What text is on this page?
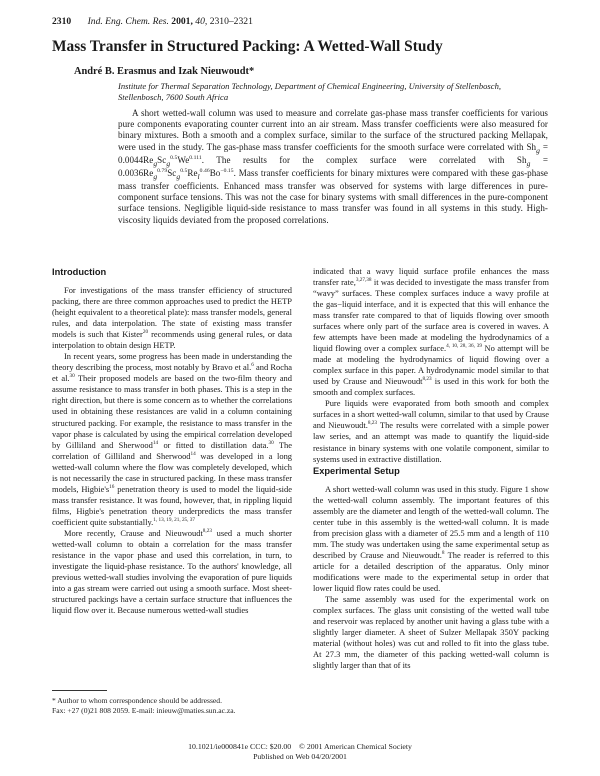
2310 Ind. Eng. Chem. Res. 2001, 40, 2310–2321
Mass Transfer in Structured Packing: A Wetted-Wall Study
André B. Erasmus and Izak Nieuwoudt*
Institute for Thermal Separation Technology, Department of Chemical Engineering, University of Stellenbosch, Stellenbosch, 7600 South Africa

A short wetted-wall column was used to measure and correlate gas-phase mass transfer coefficients for various pure components evaporating counter current into an air stream. Mass transfer coefficients were also measured for binary mixtures. Both a smooth and a complex surface, similar to the surface of the structured packing Mellapak, were used in the study. The gas-phase mass transfer coefficients for the smooth surface were correlated with $Sh_g = 0.0044Re_gSc_g^{0.5}We^{0.111}$. The results for the complex surface were correlated with $Sh_g = 0.0036Re_g^{0.79}Sc_g^{0.5}Re_l^{0.46}Bo^{-0.15}$. Mass transfer coefficients for binary mixtures were compared with these gas-phase mass transfer coefficients. Enhanced mass transfer was observed for systems with large differences in pure-component surface tensions. This was not the case for binary systems with small differences in the pure-component surface tensions. Negligible liquid-side resistance to mass transfer was found in all systems in this study. High-viscosity liquids deviated from the proposed correlations.

Introduction

For investigations of the mass transfer efficiency of structured packing, there are three common approaches used to predict the HETP (height equivalent to a theoretical plate): mass transfer models, general rules, and data interpolation. The state of existing mass transfer models is such that Kister$^{20}$ recommends using general rules, or data interpolation to obtain design HETP.

In recent years, some progress has been made in understanding the theory describing the process, most notably by Bravo et al.$^6$ and Rocha et al.$^{30}$ Their proposed models are based on the two-film theory and assume resistance to mass transfer in both phases. This is a step in the right direction, but there is some concern as to whether the correlations used in obtaining these resistances are valid in a column containing structured packing. For example, the resistance to mass transfer in the vapor phase is calculated by using the empirical correlation developed by Gilliland and Sherwood$^{14}$ or fitted to distillation data.$^{30}$ The correlation of Gilliland and Sherwood$^{14}$ was developed in a long wetted-wall column where the flow was completely developed, which is not necessarily the case in structured packing. In these mass transfer models, $Higbie's^{16}$ penetration theory is used to model the liquid-side mass transfer resistance. It was found, however, that, in rippling liquid films, Higbie's penetration theory underpredicts the mass transfer coefficient quite substantially.$^{1, 13, 19, 21, 25, 37}$

More recently, Crause and Nieuwoudt$^{8,23}$ used a much shorter wetted-wall column to obtain a correlation for the mass transfer resistance in the vapor phase and used this correlation, in turn, to investigate the liquid-phase resistance. To the authors' knowledge, all previous wetted-wall studies involving the evaporation of pure liquids into a gas stream were carried out using a smooth surface. Most sheet-structured packings have a certain surface structure that influences the liquid flow over it. Because numerous wetted-wall studies

indicated that a wavy liquid surface profile enhances the mass transfer rate,$^{3,27,38}$ it was decided to investigate the mass transfer from “wavy” surfaces. These complex surfaces induce a wavy profile at the gas−liquid interface, and it is expected that this will enhance the mass transfer rate compared to that of liquids flowing over smooth surfaces where only part of the surface area is covered in waves. A few attempts have been made at modeling the hydrodynamics of a liquid flowing over a complex surface.$^{4, 10, 28, 36, 39}$ No attempt will be made at modeling the hydrodynamics of liquid flowing over a complex surface in this paper. A hydrodynamic model similar to that used by Crause and Nieuwoudt$^{8,23}$ is used in this work for both the smooth and complex surfaces.

Pure liquids were evaporated from both smooth and complex surfaces in a short wetted-wall column, similar to that used by Crause and Nieuwoudt.$^{8,23}$ The results were correlated with a simple power law series, and an attempt was made to quantify the liquid-side resistance in binary systems with one volatile component, similar to systems used in extractive distillation.

Experimental Setup

A short wetted-wall column was used in this study. Figure 1 show the wetted-wall column assembly. The important features of this assembly are the diameter and length of the wetted-wall column. The center tube in this assembly is the wetted-wall column. It is made from precision glass with a diameter of 25.5 mm and a length of 110 mm. The study was undertaken using the same experimental setup as described by Crause and Nieuwoudt.$^8$ The reader is referred to this article for a detailed description of the apparatus. Only minor modifications were made to the experimental setup in order that lower liquid flow rates could be used.

The same assembly was used for the experimental work on complex surfaces. The glass unit consisting of the wetted wall tube and reservoir was replaced by another unit having a glass tube with a slightly larger diameter. A sheet of Sulzer Mellapak 350Y packing material (without holes) was cut and rolled to fit into the glass tube. At 27.3 mm, the diameter of this packing wetted-wall column is slightly larger than that of its

* Author to whom correspondence should be addressed.
Fax: +27 (0)21 808 2059. E-mail: inieuw@maties.sun.ac.za.
10.1021/ie000841e CCC: $20.00    © 2001 American Chemical Society
Published on Web 04/20/2001
